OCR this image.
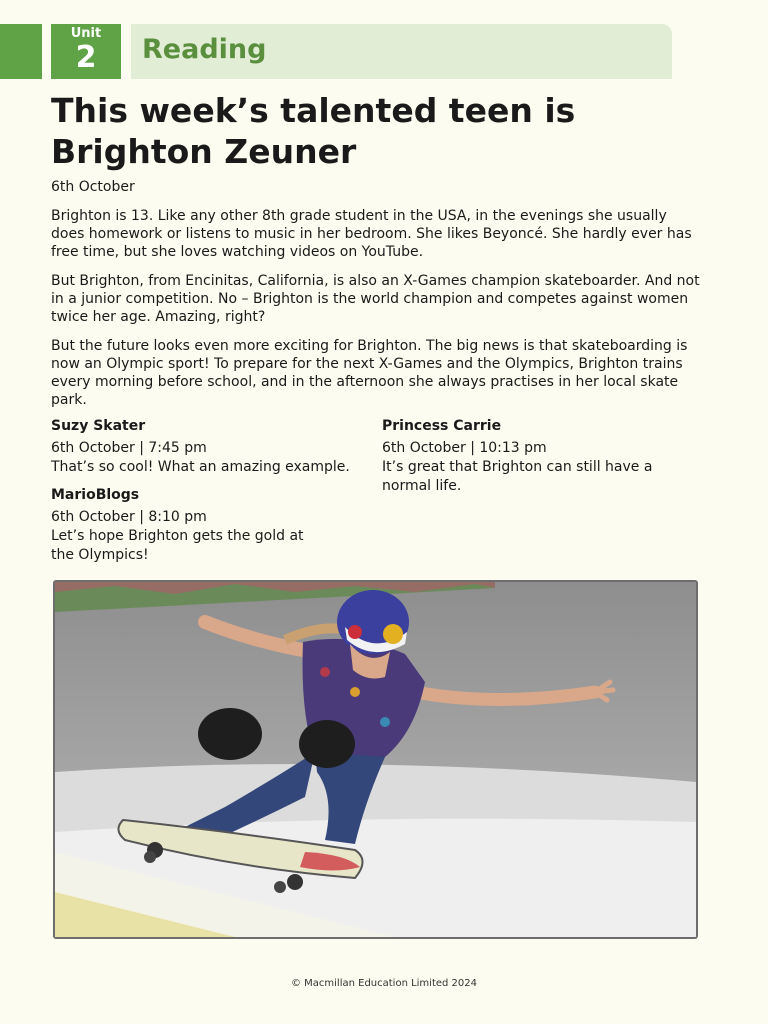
Unit
2	Reading
This week’s talented teen is Brighton Zeuner
6th October

Brighton is 13. Like any other 8th grade student in the USA, in the evenings she usually does homework or listens to music in her bedroom. She likes Beyoncé. She hardly ever has free time, but she loves watching videos on YouTube.

But Brighton, from Encinitas, California, is also an X-Games champion skateboarder. And not in a junior competition. No – Brighton is the world champion and competes against women twice her age. Amazing, right?

But the future looks even more exciting for Brighton. The big news is that skateboarding is now an Olympic sport! To prepare for the next X-Games and the Olympics, Brighton trains every morning before school, and in the afternoon she always practises in her local skate park.

Suzy Skater
6th October | 7:45 pm
That’s so cool! What an amazing example.
MarioBlogs
6th October | 8:10 pm
Let’s hope Brighton gets the gold at the Olympics!
Princess Carrie
6th October | 10:13 pm
It’s great that Brighton can still have a normal life.
© Macmillan Education Limited 2024
